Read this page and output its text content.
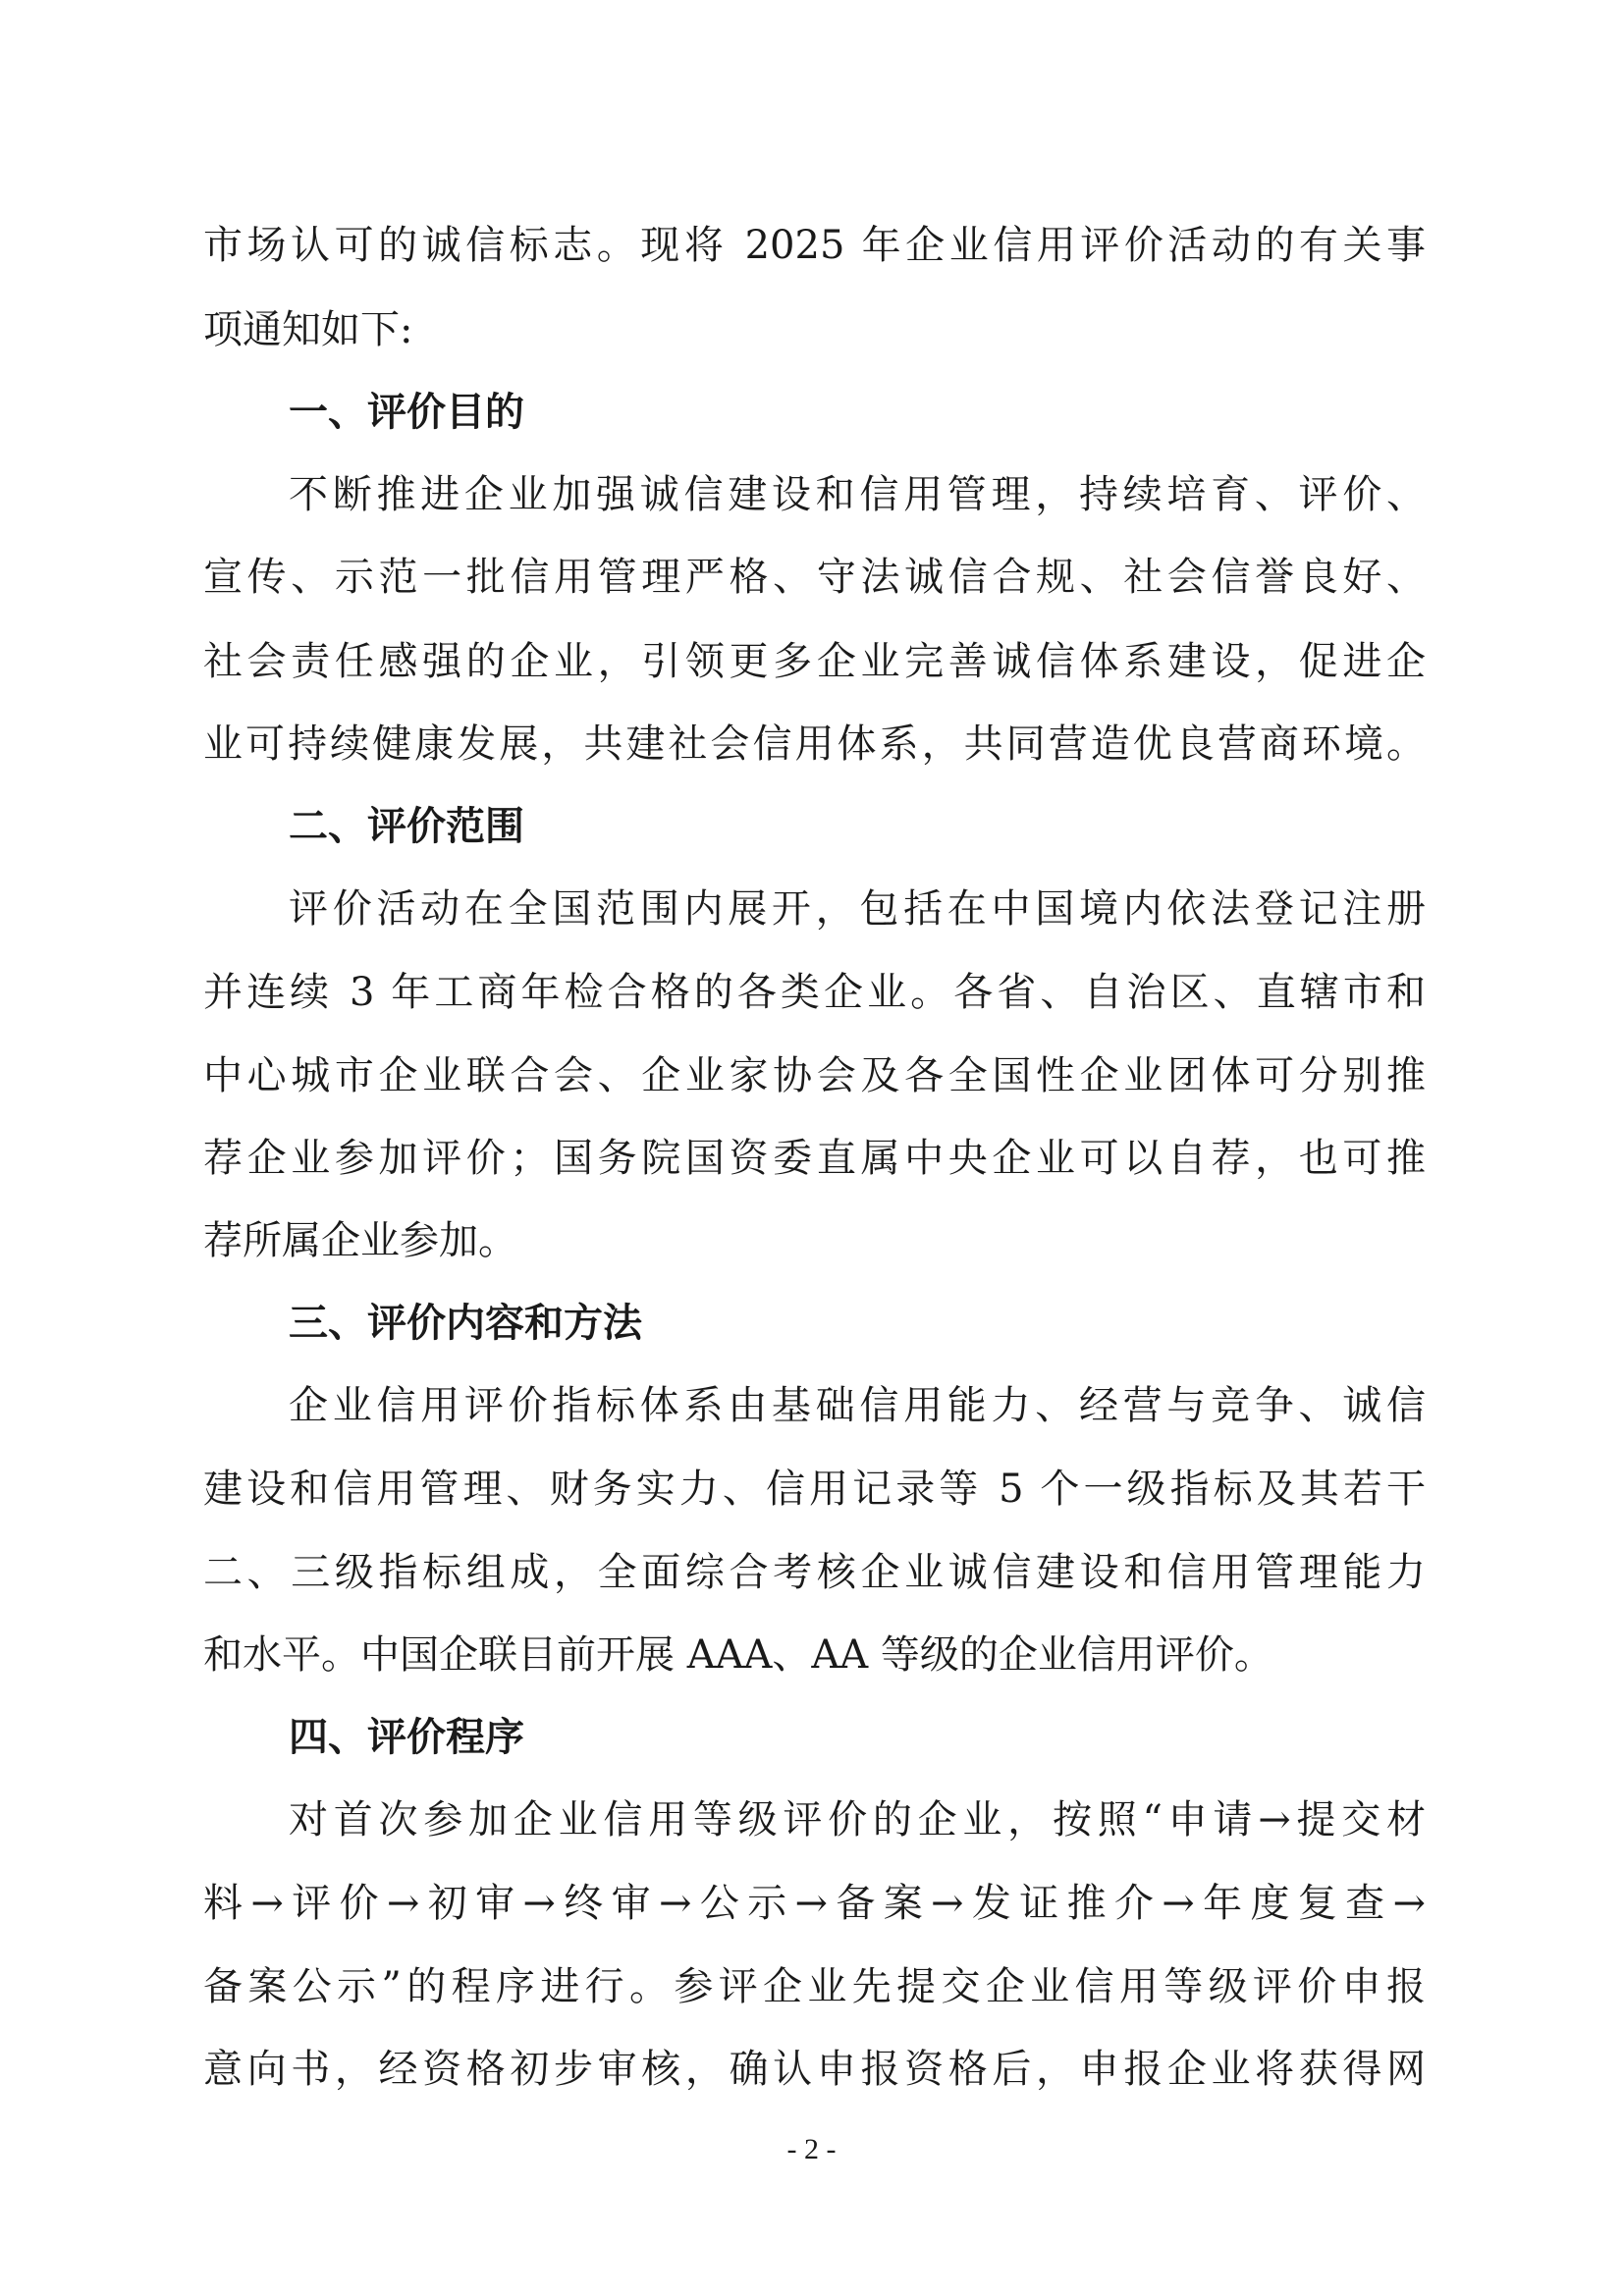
市场认可的诚信标志。现将 2025 年企业信用评价活动的有关事
项通知如下:
一、评价目的
不断推进企业加强诚信建设和信用管理，持续培育、评价、
宣传、示范一批信用管理严格、守法诚信合规、社会信誉良好、
社会责任感强的企业，引领更多企业完善诚信体系建设，促进企
业可持续健康发展，共建社会信用体系，共同营造优良营商环境。
二、评价范围
评价活动在全国范围内展开，包括在中国境内依法登记注册
并连续 3 年工商年检合格的各类企业。各省、自治区、直辖市和
中心城市企业联合会、企业家协会及各全国性企业团体可分别推
荐企业参加评价；国务院国资委直属中央企业可以自荐，也可推
荐所属企业参加。
三、评价内容和方法
企业信用评价指标体系由基础信用能力、经营与竞争、诚信
建设和信用管理、财务实力、信用记录等 5 个一级指标及其若干
二、三级指标组成，全面综合考核企业诚信建设和信用管理能力
和水平。中国企联目前开展 AAA、AA 等级的企业信用评价。
四、评价程序
对首次参加企业信用等级评价的企业，按照“申请→提交材
料→评价→初审→终审→公示→备案→发证推介→年度复查→
备案公示”的程序进行。参评企业先提交企业信用等级评价申报
意向书，经资格初步审核，确认申报资格后，申报企业将获得网
- 2 -
